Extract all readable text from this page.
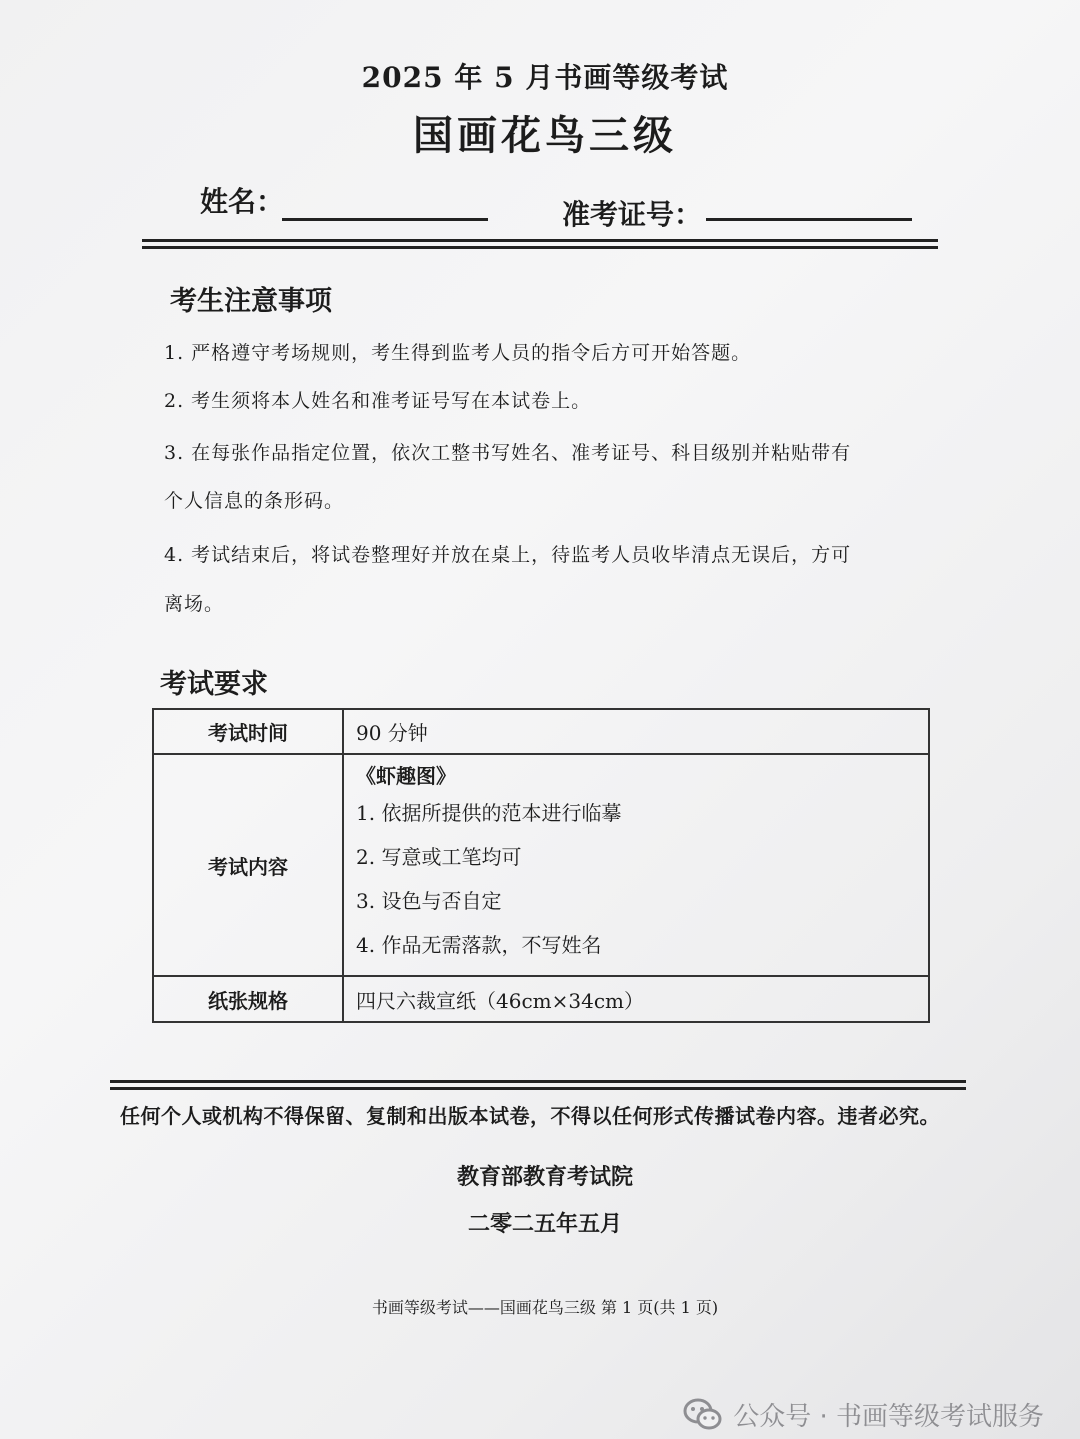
2025 年 5 月书画等级考试
国画花鸟三级
姓名：	准考证号：
考生注意事项
1. 严格遵守考场规则，考生得到监考人员的指令后方可开始答题。
2. 考生须将本人姓名和准考证号写在本试卷上。
3. 在每张作品指定位置，依次工整书写姓名、准考证号、科目级别并粘贴带有
个人信息的条形码。
4. 考试结束后，将试卷整理好并放在桌上，待监考人员收毕清点无误后，方可
离场。
考试要求
考试时间	90 分钟
考试内容	《虾趣图》
1. 依据所提供的范本进行临摹
2. 写意或工笔均可
3. 设色与否自定
4. 作品无需落款，不写姓名

纸张规格	四尺六裁宣纸（46cm×34cm）
任何个人或机构不得保留、复制和出版本试卷，不得以任何形式传播试卷内容。违者必究。
教育部教育考试院
二零二五年五月
书画等级考试——国画花鸟三级 第 1 页(共 1 页)
公众号 · 书画等级考试服务
